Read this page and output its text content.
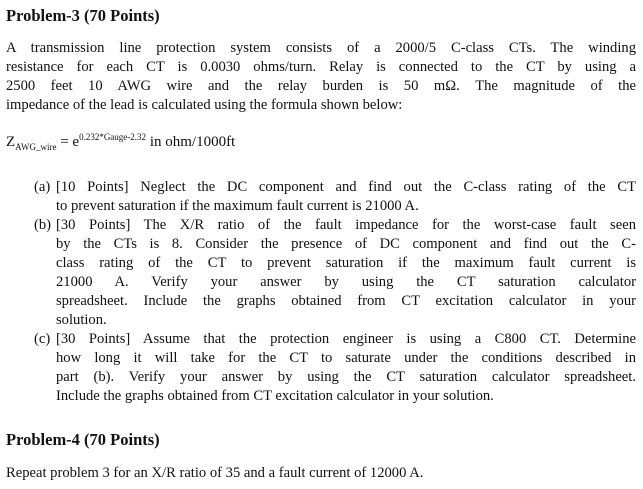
Problem-3 (70 Points)
A transmission line protection system consists of a 2000/5 C-class CTs. The winding
resistance for each CT is 0.0030 ohms/turn. Relay is connected to the CT by using a
2500 feet 10 AWG wire and the relay burden is 50 mΩ. The magnitude of the
impedance of the lead is calculated using the formula shown below:
$Z_{AWG\_wire} = e^{0.232*Gauge-2.32}$ in ohm/1000ft
(a) [10 Points] Neglect the DC component and find out the C-class rating of the CT
to prevent saturation if the maximum fault current is 21000 A.
(b) [30 Points] The X/R ratio of the fault impedance for the worst-case fault seen
by the CTs is 8. Consider the presence of DC component and find out the C-
class rating of the CT to prevent saturation if the maximum fault current is
21000 A. Verify your answer by using the CT saturation calculator
spreadsheet. Include the graphs obtained from CT excitation calculator in your
solution.
(c) [30 Points] Assume that the protection engineer is using a C800 CT. Determine
how long it will take for the CT to saturate under the conditions described in
part (b). Verify your answer by using the CT saturation calculator spreadsheet.
Include the graphs obtained from CT excitation calculator in your solution.
Problem-4 (70 Points)
Repeat problem 3 for an X/R ratio of 35 and a fault current of 12000 A.
